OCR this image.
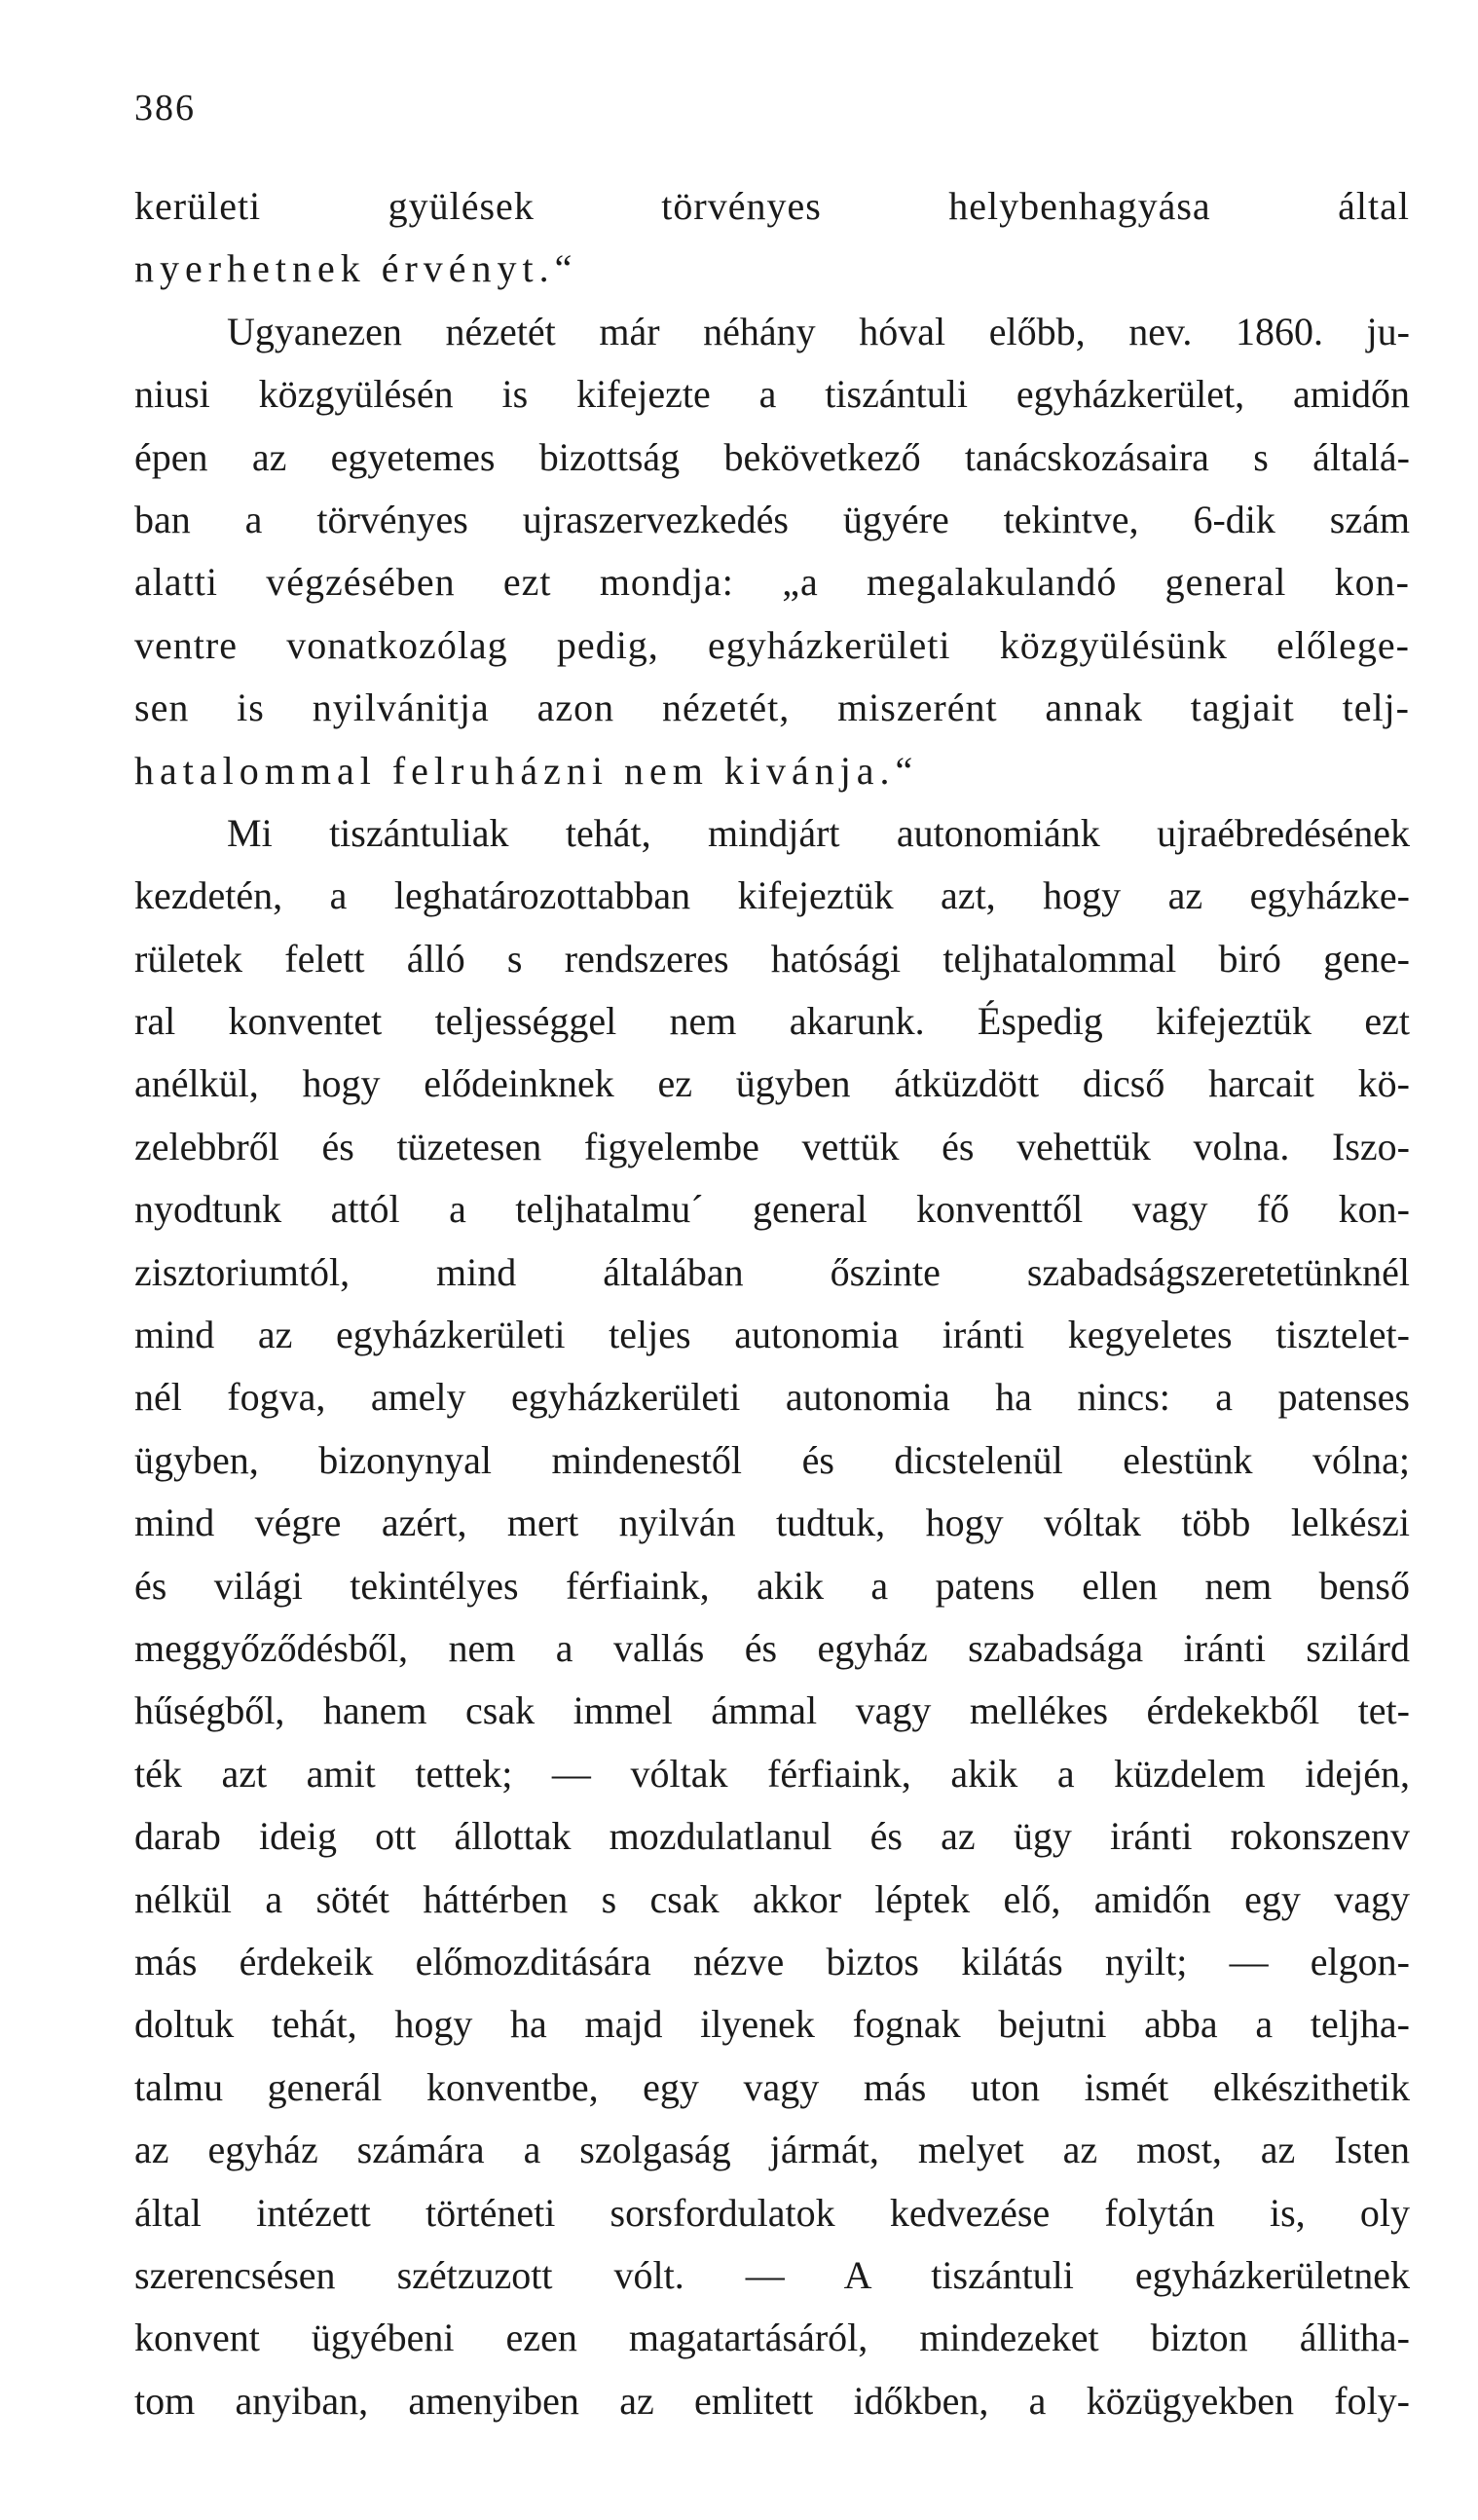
386
kerületi gyülések törvényes helybenhagyása által
nyerhetnek érvényt.“
Ugyanezen nézetét már néhány hóval előbb, nev. 1860. ju-
niusi közgyülésén is kifejezte a tiszántuli egyházkerület, amidőn
épen az egyetemes bizottság bekövetkező tanácskozásaira s általá-
ban a törvényes ujraszervezkedés ügyére tekintve, 6-dik szám
alatti végzésében ezt mondja: „a megalakulandó general kon-
ventre vonatkozólag pedig, egyházkerületi közgyülésünk előlege-
sen is nyilvánitja azon nézetét, miszerént annak tagjait telj-
hatalommal felruházni nem kivánja.“
Mi tiszántuliak tehát, mindjárt autonomiánk ujraébredésének
kezdetén, a leghatározottabban kifejeztük azt, hogy az egyházke-
rületek felett álló s rendszeres hatósági teljhatalommal biró gene-
ral konventet teljességgel nem akarunk. Éspedig kifejeztük ezt
anélkül, hogy elődeinknek ez ügyben átküzdött dicső harcait kö-
zelebbről és tüzetesen figyelembe vettük és vehettük volna. Iszo-
nyodtunk attól a teljhatalmu´ general konventtől vagy fő kon-
zisztoriumtól, mind általában őszinte szabadságszeretetünknél
mind az egyházkerületi teljes autonomia iránti kegyeletes tisztelet-
nél fogva, amely egyházkerületi autonomia ha nincs: a patenses
ügyben, bizonynyal mindenestől és dicstelenül elestünk vólna;
mind végre azért, mert nyilván tudtuk, hogy vóltak több lelkészi
és világi tekintélyes férfiaink, akik a patens ellen nem benső
meggyőződésből, nem a vallás és egyház szabadsága iránti szilárd
hűségből, hanem csak immel ámmal vagy mellékes érdekekből tet-
ték azt amit tettek; — vóltak férfiaink, akik a küzdelem idején,
darab ideig ott állottak mozdulatlanul és az ügy iránti rokonszenv
nélkül a sötét háttérben s csak akkor léptek elő, amidőn egy vagy
más érdekeik előmozditására nézve biztos kilátás nyilt; — elgon-
doltuk tehát, hogy ha majd ilyenek fognak bejutni abba a teljha-
talmu generál konventbe, egy vagy más uton ismét elkészithetik
az egyház számára a szolgaság jármát, melyet az most, az Isten
által intézett történeti sorsfordulatok kedvezése folytán is, oly
szerencsésen szétzuzott vólt. — A tiszántuli egyházkerületnek
konvent ügyébeni ezen magatartásáról, mindezeket bizton állitha-
tom anyiban, amenyiben az emlitett időkben, a közügyekben foly-
